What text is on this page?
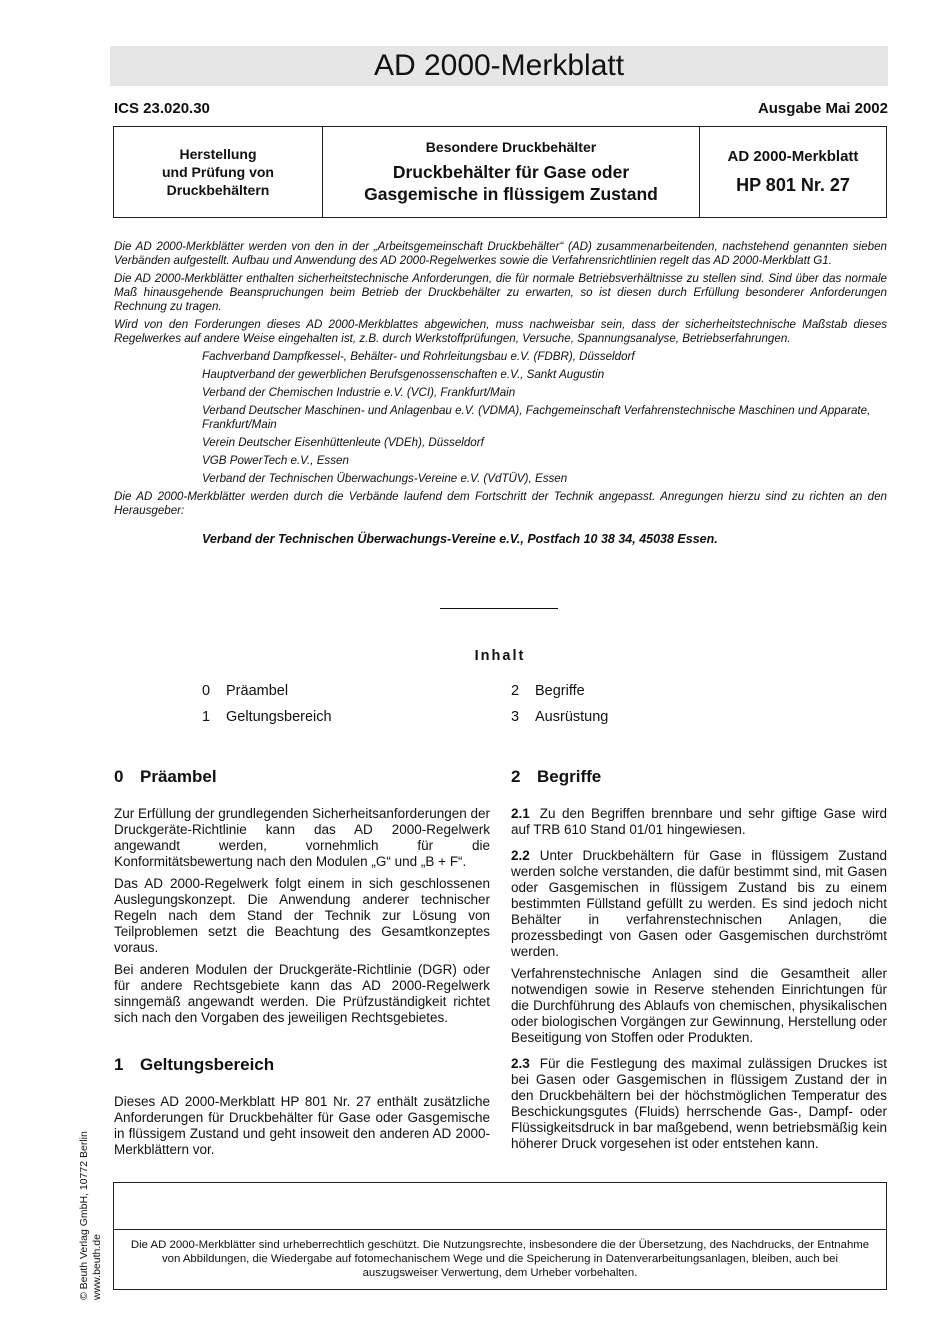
AD 2000-Merkblatt
ICS 23.020.30	Ausgabe Mai 2002
Herstellung
und Prüfung von
Druckbehältern
Besondere Druckbehälter
Druckbehälter für Gase oder
Gasgemische in flüssigem Zustand
AD 2000-Merkblatt
HP 801 Nr. 27

Die AD 2000-Merkblätter werden von den in der „Arbeitsgemeinschaft Druckbehälter“ (AD) zusammenarbeitenden, nachstehend genannten sieben Verbänden aufgestellt. Aufbau und Anwendung des AD 2000-Regelwerkes sowie die Verfahrensrichtlinien regelt das AD 2000-Merkblatt G1.

Die AD 2000-Merkblätter enthalten sicherheitstechnische Anforderungen, die für normale Betriebsverhältnisse zu stellen sind. Sind über das normale Maß hinausgehende Beanspruchungen beim Betrieb der Druckbehälter zu erwarten, so ist diesen durch Erfüllung besonderer Anforderungen Rechnung zu tragen.

Wird von den Forderungen dieses AD 2000-Merkblattes abgewichen, muss nachweisbar sein, dass der sicherheitstechnische Maßstab dieses Regelwerkes auf andere Weise eingehalten ist, z.B. durch Werkstoffprüfungen, Versuche, Spannungsanalyse, Betriebserfahrungen.

Fachverband Dampfkessel-, Behälter- und Rohrleitungsbau e.V. (FDBR), Düsseldorf
Hauptverband der gewerblichen Berufsgenossenschaften e.V., Sankt Augustin
Verband der Chemischen Industrie e.V. (VCI), Frankfurt/Main
Verband Deutscher Maschinen- und Anlagenbau e.V. (VDMA), Fachgemeinschaft Verfahrenstechnische Maschinen und Apparate, Frankfurt/Main
Verein Deutscher Eisenhüttenleute (VDEh), Düsseldorf
VGB PowerTech e.V., Essen
Verband der Technischen Überwachungs-Vereine e.V. (VdTÜV), Essen

Die AD 2000-Merkblätter werden durch die Verbände laufend dem Fortschritt der Technik angepasst. Anregungen hierzu sind zu richten an den Herausgeber:

Verband der Technischen Überwachungs-Vereine e.V., Postfach 10 38 34, 45038 Essen.
Inhalt
0 Präambel
1 Geltungsbereich
2 Begriffe
3 Ausrüstung
0 Präambel

Zur Erfüllung der grundlegenden Sicherheitsanforderungen der Druckgeräte-Richtlinie kann das AD 2000-Regelwerk angewandt werden, vornehmlich für die Konformitätsbewertung nach den Modulen „G“ und „B + F“.

Das AD 2000-Regelwerk folgt einem in sich geschlossenen Auslegungskonzept. Die Anwendung anderer technischer Regeln nach dem Stand der Technik zur Lösung von Teilproblemen setzt die Beachtung des Gesamtkonzeptes voraus.

Bei anderen Modulen der Druckgeräte-Richtlinie (DGR) oder für andere Rechtsgebiete kann das AD 2000-Regelwerk sinngemäß angewandt werden. Die Prüfzuständigkeit richtet sich nach den Vorgaben des jeweiligen Rechtsgebietes.

1 Geltungsbereich

Dieses AD 2000-Merkblatt HP 801 Nr. 27 enthält zusätzliche Anforderungen für Druckbehälter für Gase oder Gasgemische in flüssigem Zustand und geht insoweit den anderen AD 2000-Merkblättern vor.

2 Begriffe

2.1 Zu den Begriffen brennbare und sehr giftige Gase wird auf TRB 610 Stand 01/01 hingewiesen.

2.2 Unter Druckbehältern für Gase in flüssigem Zustand werden solche verstanden, die dafür bestimmt sind, mit Gasen oder Gasgemischen in flüssigem Zustand bis zu einem bestimmten Füllstand gefüllt zu werden. Es sind jedoch nicht Behälter in verfahrenstechnischen Anlagen, die prozessbedingt von Gasen oder Gasgemischen durchströmt werden.

Verfahrenstechnische Anlagen sind die Gesamtheit aller notwendigen sowie in Reserve stehenden Einrichtungen für die Durchführung des Ablaufs von chemischen, physikalischen oder biologischen Vorgängen zur Gewinnung, Herstellung oder Beseitigung von Stoffen oder Produkten.

2.3 Für die Festlegung des maximal zulässigen Druckes ist bei Gasen oder Gasgemischen in flüssigem Zustand der in den Druckbehältern bei der höchstmöglichen Temperatur des Beschickungsgutes (Fluids) herrschende Gas-, Dampf- oder Flüssigkeitsdruck in bar maßgebend, wenn betriebsmäßig kein höherer Druck vorgesehen ist oder entstehen kann.

Die AD 2000-Merkblätter sind urheberrechtlich geschützt. Die Nutzungsrechte, insbesondere die der Übersetzung, des Nachdrucks, der Entnahme von Abbildungen, die Wiedergabe auf fotomechanischem Wege und die Speicherung in Datenverarbeitungsanlagen, bleiben, auch bei auszugsweiser Verwertung, dem Urheber vorbehalten.
© Beuth Verlag GmbH, 10772 Berlin www.beuth.de
